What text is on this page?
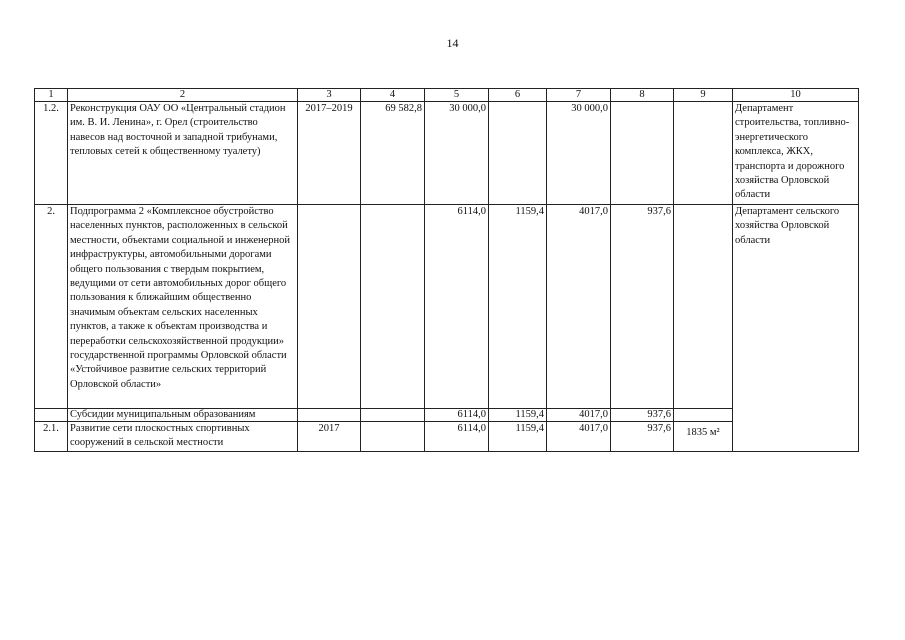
14
1	2	3	4	5	6	7	8	9	10
1.2.	Реконструкция ОАУ ОО «Центральный стадион им. В. И. Ленина», г. Орел (строительство навесов над восточной и западной трибунами, тепловых сетей к общественному туалету)	2017–2019	69 582,8	30 000,0		30 000,0			Департамент строительства, топливно-энергетического комплекса, ЖКХ, транспорта и дорожного хозяйства Орловской области
2.	Подпрограмма 2 «Комплексное обустройство населенных пунктов, расположенных в сельской местности, объектами социальной и инженерной инфраструктуры, автомобильными дорогами общего пользования с твердым покрытием, ведущими от сети автомобильных дорог общего пользования к ближайшим общественно значимым объектам сельских населенных пунктов, а также к объектам производства и переработки сельскохозяйственной продукции» государственной программы Орловской области «Устойчивое развитие сельских территорий Орловской области»			6114,0	1159,4	4017,0	937,6		Департамент сельского хозяйства Орловской области
	Субсидии муниципальным образованиям			6114,0	1159,4	4017,0	937,6		
2.1.	Развитие сети плоскостных спортивных сооружений в сельской местности	2017		6114,0	1159,4	4017,0	937,6	1835 м²	
